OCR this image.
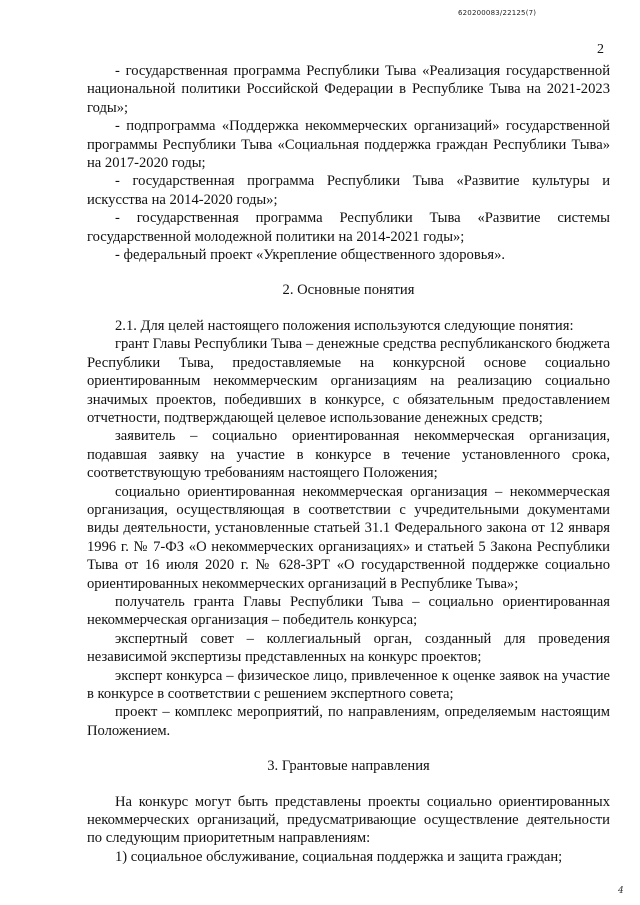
620200083/22125(7)
2

- государственная программа Республики Тыва «Реализация государственной национальной политики Российской Федерации в Республике Тыва на 2021-2023 годы»;

- подпрограмма «Поддержка некоммерческих организаций» государственной программы Республики Тыва «Социальная поддержка граждан Республики Тыва» на 2017-2020 годы;

- государственная программа Республики Тыва «Развитие культуры и искусства на 2014-2020 годы»;

- государственная программа Республики Тыва «Развитие системы государственной молодежной политики на 2014-2021 годы»;

- федеральный проект «Укрепление общественного здоровья».

2. Основные понятия

2.1. Для целей настоящего положения используются следующие понятия:

грант Главы Республики Тыва – денежные средства республиканского бюджета Республики Тыва, предоставляемые на конкурсной основе социально ориентированным некоммерческим организациям на реализацию социально значимых проектов, победивших в конкурсе, с обязательным предоставлением отчетности, подтверждающей целевое использование денежных средств;

заявитель – социально ориентированная некоммерческая организация, подавшая заявку на участие в конкурсе в течение установленного срока, соответствующую требованиям настоящего Положения;

социально ориентированная некоммерческая организация – некоммерческая организация, осуществляющая в соответствии с учредительными документами виды деятельности, установленные статьей 31.1 Федерального закона от 12 января 1996 г. № 7-ФЗ «О некоммерческих организациях» и статьей 5 Закона Республики Тыва от 16 июля 2020 г. № 628-ЗРТ «О государственной поддержке социально ориентированных некоммерческих организаций в Республике Тыва»;

получатель гранта Главы Республики Тыва – социально ориентированная некоммерческая организация – победитель конкурса;

экспертный совет – коллегиальный орган, созданный для проведения независимой экспертизы представленных на конкурс проектов;

эксперт конкурса – физическое лицо, привлеченное к оценке заявок на участие в конкурсе в соответствии с решением экспертного совета;

проект – комплекс мероприятий, по направлениям, определяемым настоящим Положением.

3. Грантовые направления

На конкурс могут быть представлены проекты социально ориентированных некоммерческих организаций, предусматривающие осуществление деятельности по следующим приоритетным направлениям:

1) социальное обслуживание, социальная поддержка и защита граждан;

4
